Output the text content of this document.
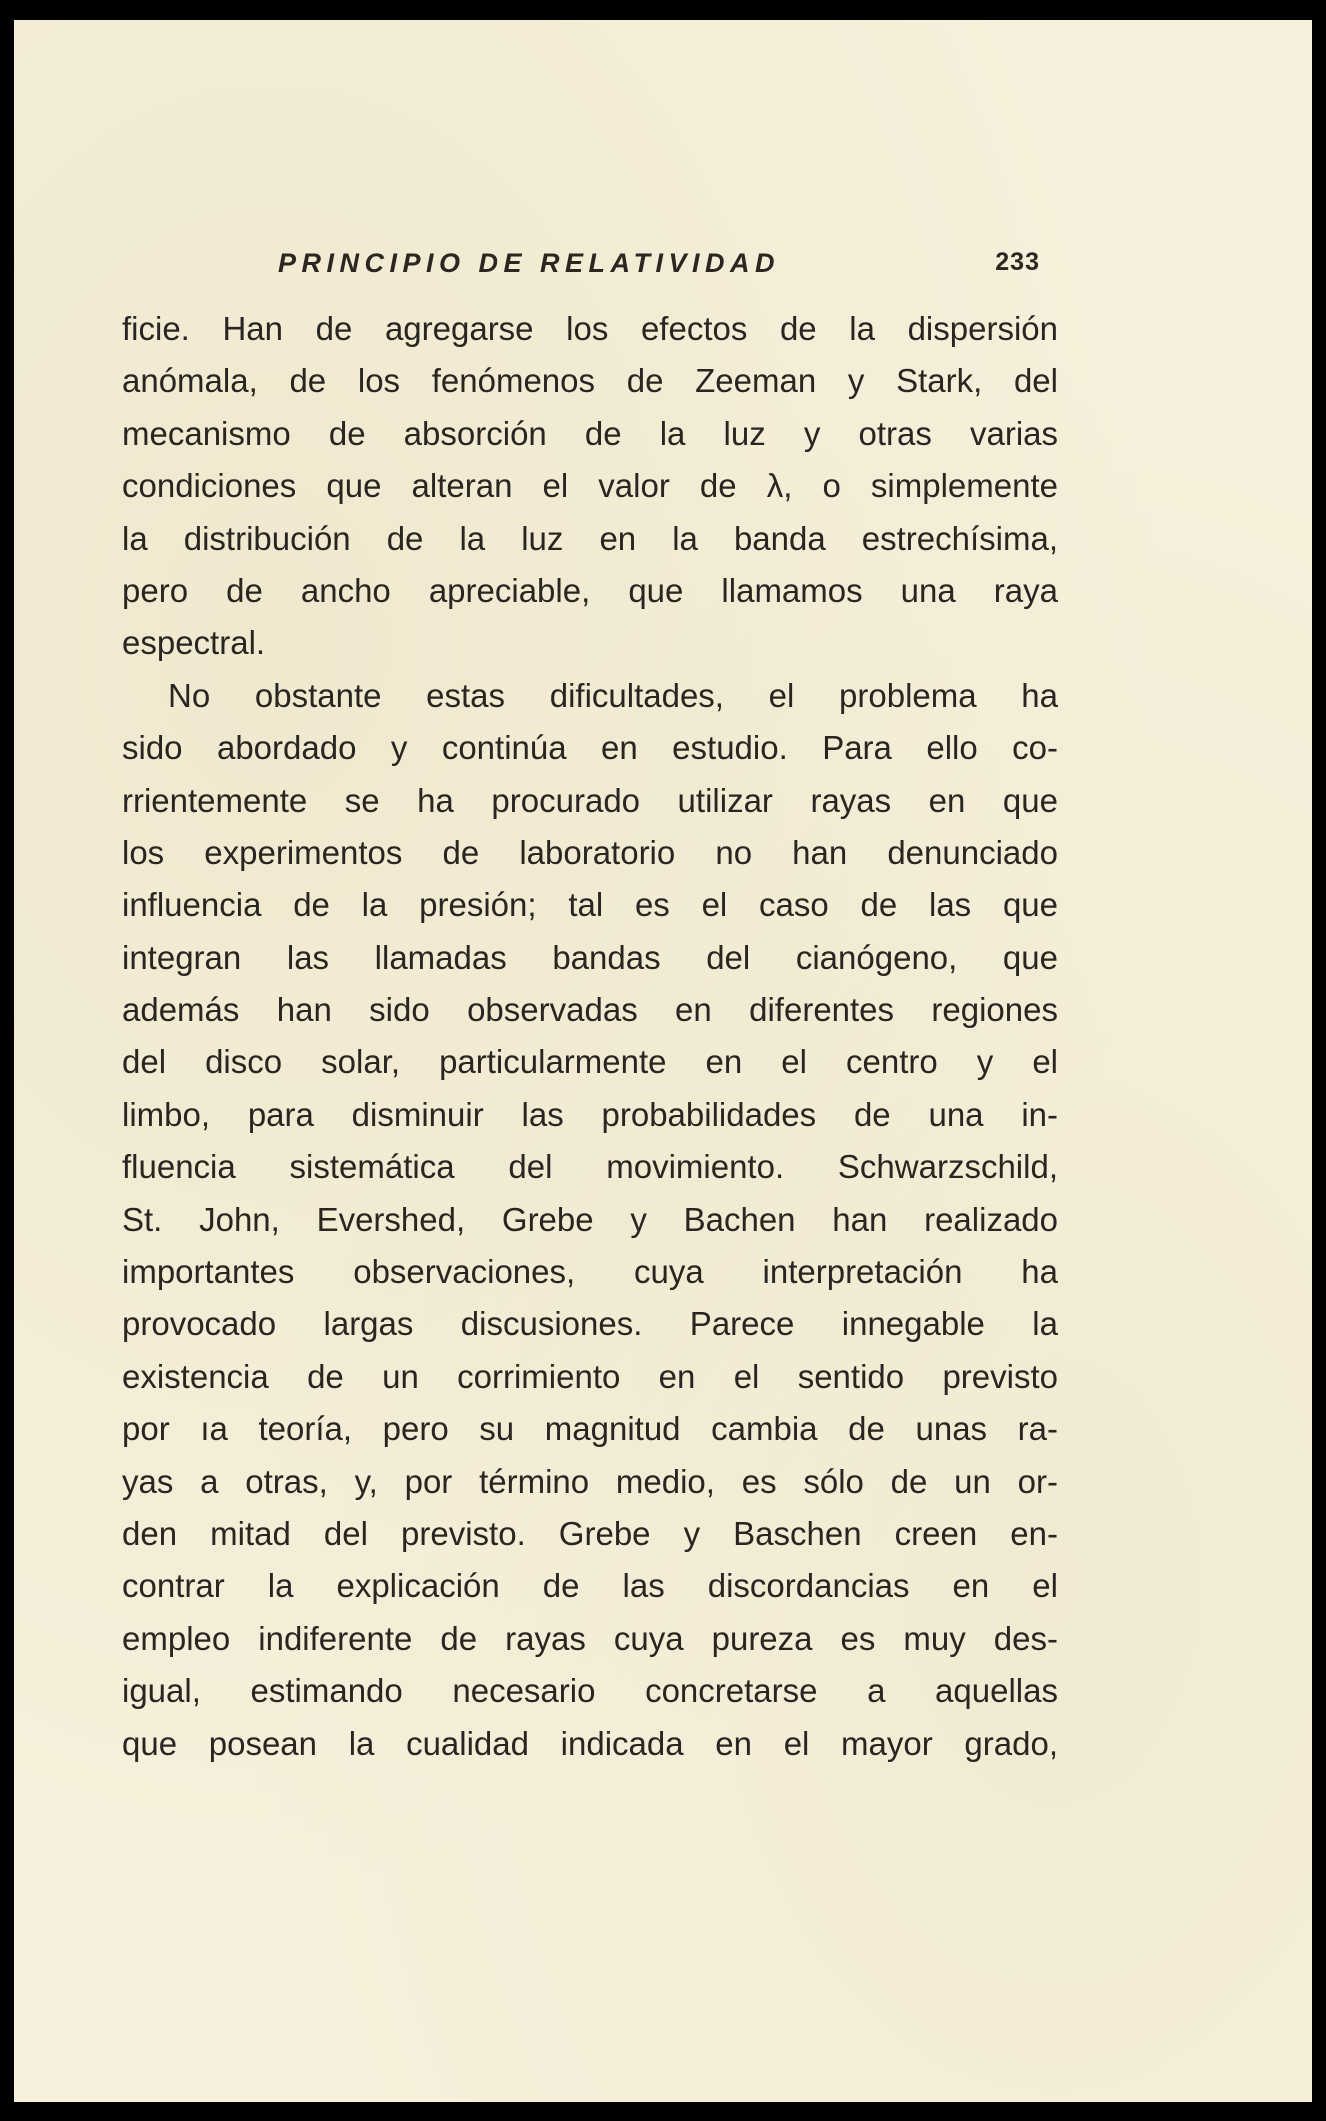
PRINCIPIO DE RELATIVIDAD	233
ficie. Han de agregarse los efectos de la dispersión
anómala, de los fenómenos de Zeeman y Stark, del
mecanismo de absorción de la luz y otras varias
condiciones que alteran el valor de λ, o simplemente
la distribución de la luz en la banda estrechísima,
pero de ancho apreciable, que llamamos una raya
espectral.
No obstante estas dificultades, el problema ha
sido abordado y continúa en estudio. Para ello co-
rrientemente se ha procurado utilizar rayas en que
los experimentos de laboratorio no han denunciado
influencia de la presión; tal es el caso de las que
integran las llamadas bandas del cianógeno, que
además han sido observadas en diferentes regiones
del disco solar, particularmente en el centro y el
limbo, para disminuir las probabilidades de una in-
fluencia sistemática del movimiento. Schwarzschild,
St. John, Evershed, Grebe y Bachen han realizado
importantes observaciones, cuya interpretación ha
provocado largas discusiones. Parece innegable la
existencia de un corrimiento en el sentido previsto
por ıa teoría, pero su magnitud cambia de unas ra-
yas a otras, y, por término medio, es sólo de un or-
den mitad del previsto. Grebe y Baschen creen en-
contrar la explicación de las discordancias en el
empleo indiferente de rayas cuya pureza es muy des-
igual, estimando necesario concretarse a aquellas
que posean la cualidad indicada en el mayor grado,
